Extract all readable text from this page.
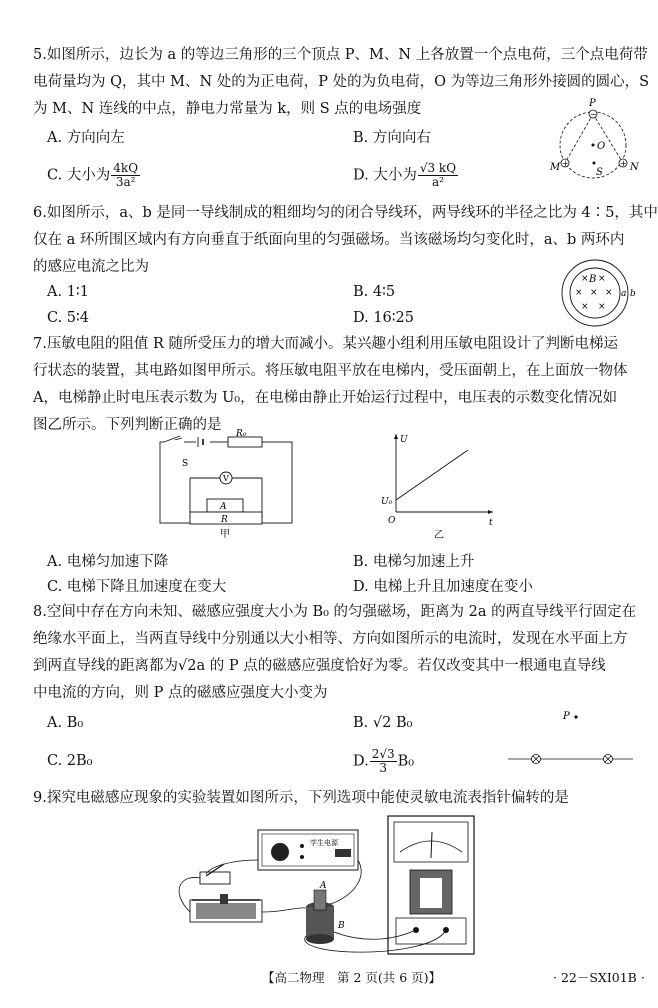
5.如图所示，边长为 a 的等边三角形的三个顶点 P、M、N 上各放置一个点电荷，三个点电荷带
电荷量均为 Q，其中 M、N 处的为正电荷，P 处的为负电荷，O 为等边三角形外接圆的圆心，S
为 M、N 连线的中点，静电力常量为 k，则 S 点的电场强度
A. 方向向左	B. 方向向右
C. 大小为 $\frac{4kQ}{\text{3a²}}$	D. 大小为 $\frac{√3 kQ}{\text{a²}}$
−
+	+
P
O
M	N
S
6.如图所示，a、b 是同一导线制成的粗细均匀的闭合导线环，两导线环的半径之比为 4∶5，其中
仅在 a 环所围区域内有方向垂直于纸面向里的匀强磁场。当该磁场均匀变化时，a、b 两环内
的感应电流之比为
A. 1∶1	B. 4∶5
C. 5∶4	D. 16∶25
× B ×
× × ×
× ×
a b
7.压敏电阻的阻值 R 随所受压力的增大而减小。某兴趣小组利用压敏电阻设计了判断电梯运
行状态的装置，其电路如图甲所示。将压敏电阻平放在电梯内，受压面朝上，在上面放一物体
A，电梯静止时电压表示数为 U₀，在电梯由静止开始运行过程中，电压表的示数变化情况如
图乙所示。下列判断正确的是
S
R₀
V
A
R
甲
U
U₀
O	t
乙
A. 电梯匀加速下降	B. 电梯匀加速上升
C. 电梯下降且加速度在变大	D. 电梯上升且加速度在变小
8.空间中存在方向未知、磁感应强度大小为 B₀ 的匀强磁场，距离为 2a 的两直导线平行固定在
绝缘水平面上，当两直导线中分别通以大小相等、方向如图所示的电流时，发现在水平面上方
到两直导线的距离都为√2a 的 P 点的磁感应强度恰好为零。若仅改变其中一根通电直导线
中电流的方向，则 P 点的磁感应强度大小变为
A. B₀	B. √2 B₀
C. 2B₀	D. $\frac{2√3}{3} B_0$
P
9.探究电磁感应现象的实验装置如图所示，下列选项中能使灵敏电流表指针偏转的是
学生电源
A
B
【高二物理　第 2 页(共 6 页)】	· 22－SXI01B ·
